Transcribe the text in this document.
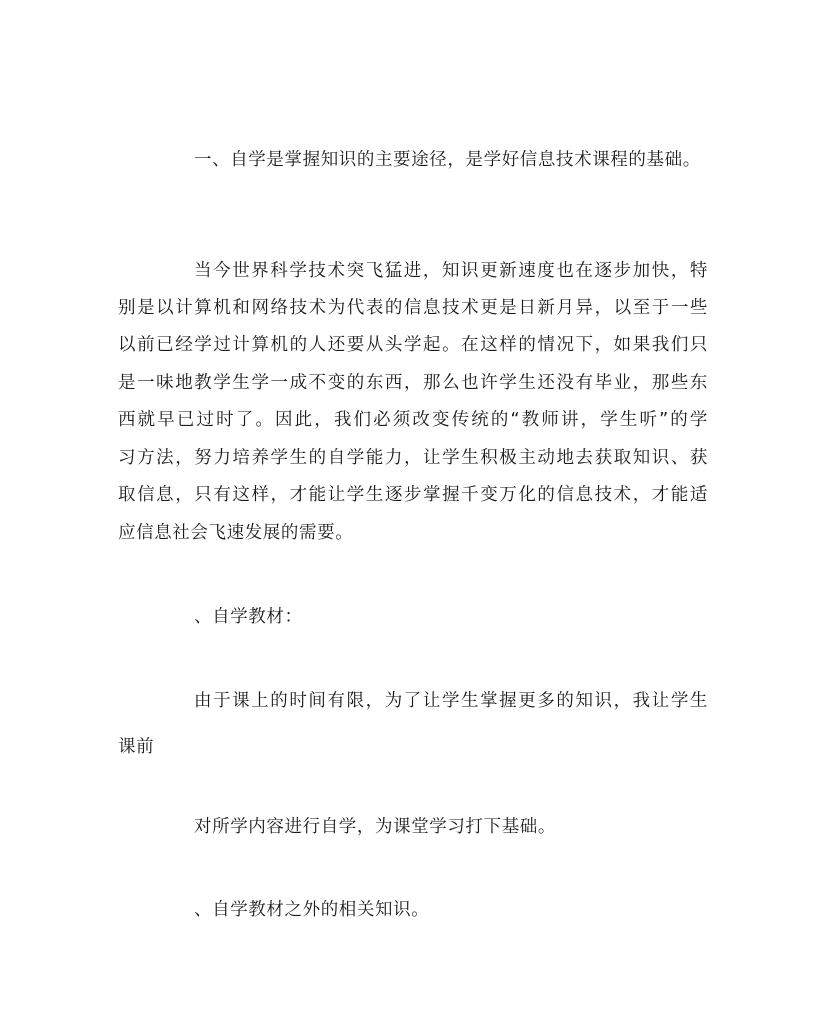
一、自学是掌握知识的主要途径，是学好信息技术课程的基础。
当今世界科学技术突飞猛进，知识更新速度也在逐步加快，特
别是以计算机和网络技术为代表的信息技术更是日新月异，以至于一些
以前已经学过计算机的人还要从头学起。在这样的情况下，如果我们只
是一味地教学生学一成不变的东西，那么也许学生还没有毕业，那些东
西就早已过时了。因此，我们必须改变传统的“教师讲，学生听”的学
习方法，努力培养学生的自学能力，让学生积极主动地去获取知识、获
取信息，只有这样，才能让学生逐步掌握千变万化的信息技术，才能适
应信息社会飞速发展的需要。
、自学教材：
由于课上的时间有限，为了让学生掌握更多的知识，我让学生
课前
对所学内容进行自学，为课堂学习打下基础。
、自学教材之外的相关知识。
